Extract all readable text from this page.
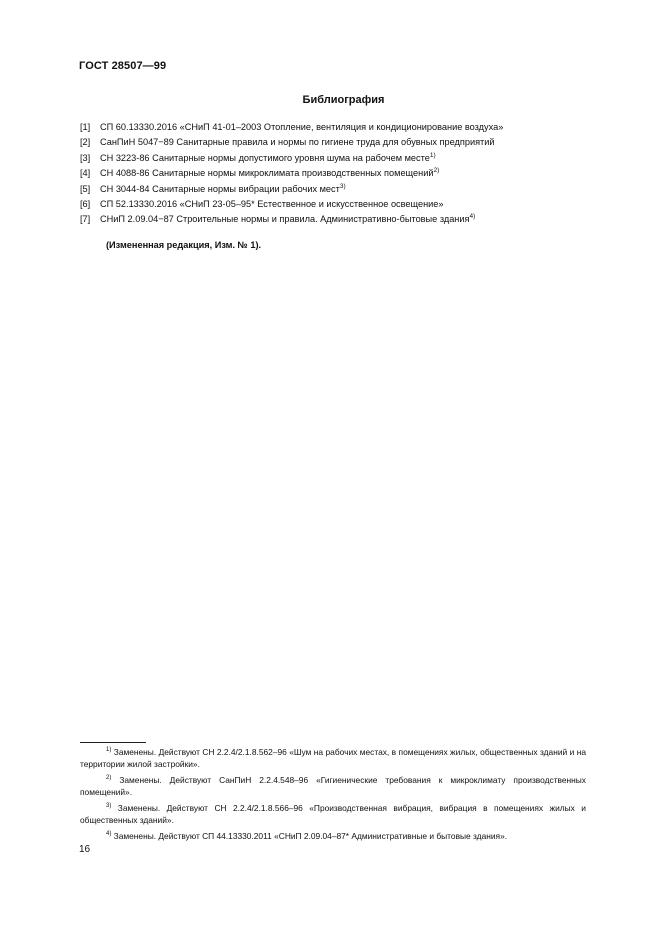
ГОСТ 28507—99
Библиография
[1]	СП 60.13330.2016 «СНиП 41-01–2003 Отопление, вентиляция и кондиционирование воздуха»
[2]	СанПиН 5047−89 Санитарные правила и нормы по гигиене труда для обувных предприятий
[3]	СН 3223-86 Санитарные нормы допустимого уровня шума на рабочем месте$^{1)}$
[4]	СН 4088-86 Санитарные нормы микроклимата производственных помещений$^{2)}$
[5]	СН 3044-84 Санитарные нормы вибрации рабочих мест$^{3)}$
[6]	СП 52.13330.2016 «СНиП 23-05–95* Естественное и искусственное освещение»
[7]	СНиП 2.09.04−87 Строительные нормы и правила. Административно-бытовые здания$^{4)}$
(Измененная редакция, Изм. № 1).
$^{1)}$ Заменены. Действуют СН 2.2.4/2.1.8.562–96 «Шум на рабочих местах, в помещениях жилых, общественных зданий и на территории жилой застройки».
$^{2)}$ Заменены. Действуют СанПиН 2.2.4.548–96 «Гигиенические требования к микроклимату производственных помещений».
$^{3)}$ Заменены. Действуют СН 2.2.4/2.1.8.566–96 «Производственная вибрация, вибрация в помещениях жилых и общественных зданий».
$^{4)}$ Заменены. Действуют СП 44.13330.2011 «СНиП 2.09.04–87* Административные и бытовые здания».
16
